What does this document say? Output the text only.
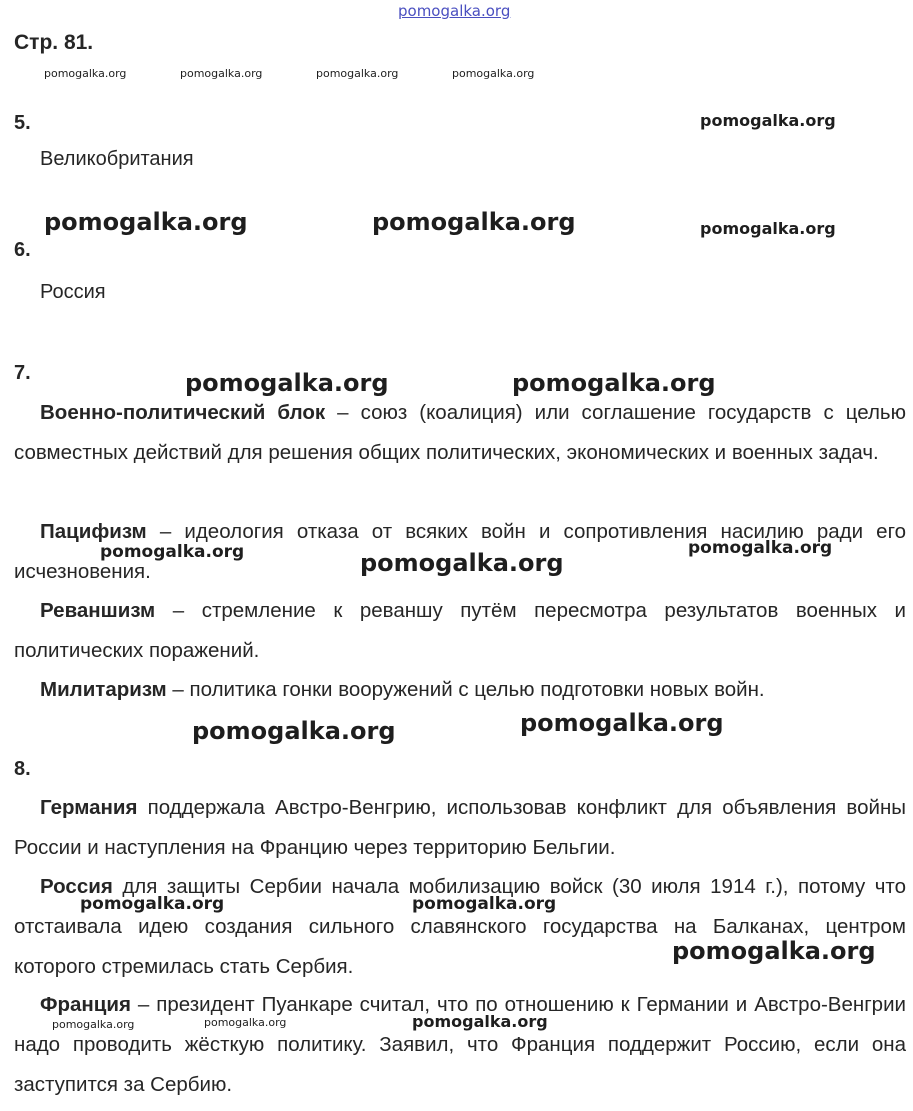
pomogalka.org
Стр. 81.
pomogalka.org	pomogalka.org	pomogalka.org	pomogalka.org
5.	pomogalka.org
Великобритания
pomogalka.org	pomogalka.org	pomogalka.org
6.
Россия
7.	pomogalka.org	pomogalka.org
Военно-политический блок – союз (коалиция) или соглашение государств с целью совместных действий для решения общих политических, экономических и военных задач.
Пацифизм – идеология отказа от всяких войн и сопротивления насилию ради его исчезновения.
pomogalka.org	pomogalka.org
pomogalka.org
Реваншизм – стремление к реваншу путём пересмотра результатов военных и политических поражений.
Милитаризм – политика гонки вооружений с целью подготовки новых войн.
pomogalka.org	pomogalka.org
8.
Германия поддержала Австро-Венгрию, использовав конфликт для объявления войны России и наступления на Францию через территорию Бельгии.
Россия для защиты Сербии начала мобилизацию войск (30 июля 1914 г.), потому что отстаивала идею создания сильного славянского государства на Балканах, центром которого стремилась стать Сербия.
pomogalka.org	pomogalka.org
pomogalka.org
Франция – президент Пуанкаре считал, что по отношению к Германии и Австро-Венгрии надо проводить жёсткую политику. Заявил, что Франция поддержит Россию, если она заступится за Сербию.
pomogalka.org	pomogalka.org	pomogalka.org
